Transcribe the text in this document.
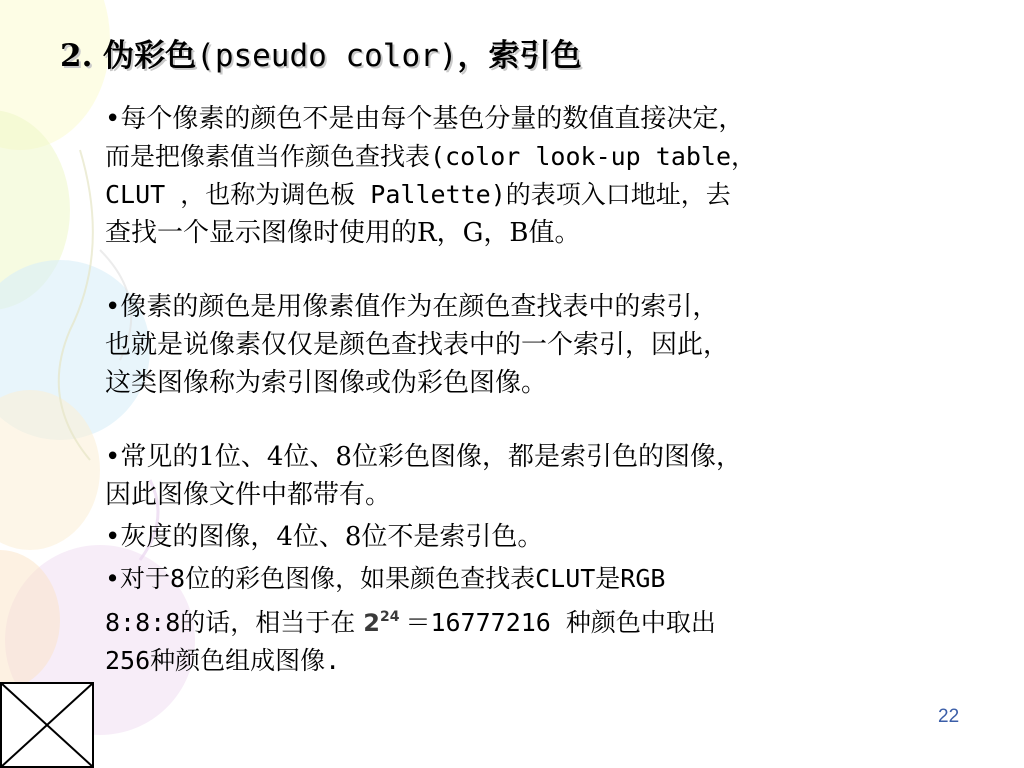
2. 伪彩色(pseudo color)，索引色
•每个像素的颜色不是由每个基色分量的数值直接决定，
而是把像素值当作颜色查找表(color look-up table，
CLUT ，也称为调色板 Pallette)的表项入口地址，去
查找一个显示图像时使用的R，G，B值。
•像素的颜色是用像素值作为在颜色查找表中的索引，
也就是说像素仅仅是颜色查找表中的一个索引，因此，
这类图像称为索引图像或伪彩色图像。
•常见的1位、4位、8位彩色图像，都是索引色的图像，
因此图像文件中都带有。
•灰度的图像，4位、8位不是索引色。
•对于8位的彩色图像，如果颜色查找表CLUT是RGB
8:8:8的话，相当于在 $2^{24} =16777216$ 种颜色中取出
256种颜色组成图像.
22
